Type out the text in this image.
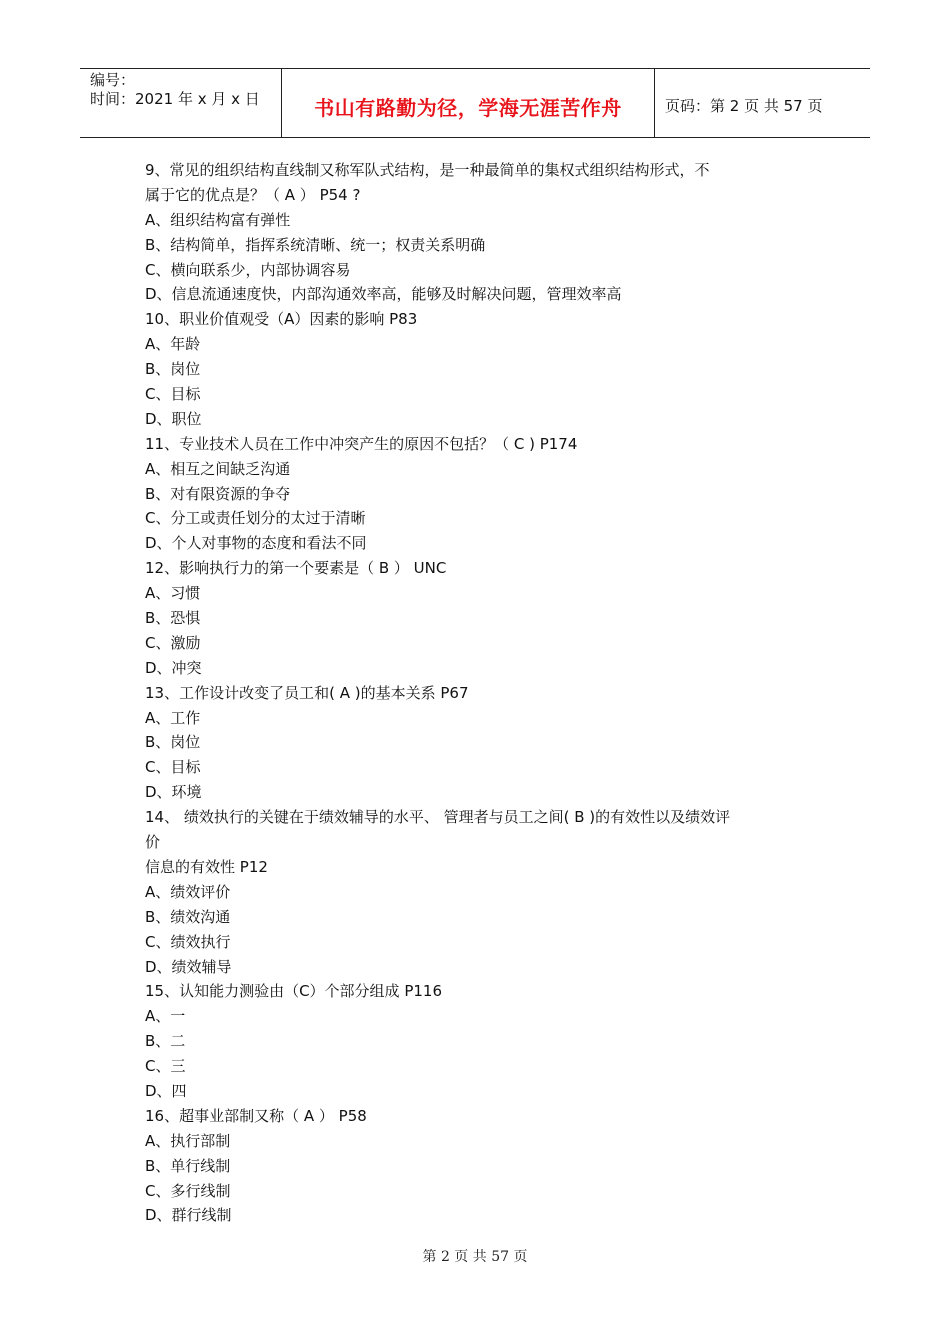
编号：
时间：2021 年 x 月 x 日	书山有路勤为径，学海无涯苦作舟	页码：第 2 页 共 57 页
9、常见的组织结构直线制又称军队式结构，是一种最简单的集权式组织结构形式，不
属于它的优点是？（ A ） P54 ?
A、组织结构富有弹性
B、结构简单，指挥系统清晰、统一；权责关系明确
C、横向联系少，内部协调容易
D、信息流通速度快，内部沟通效率高，能够及时解决问题，管理效率高
10、职业价值观受（A）因素的影响 P83
A、年龄
B、岗位
C、目标
D、职位
11、专业技术人员在工作中冲突产生的原因不包括？（ C ) P174
A、相互之间缺乏沟通
B、对有限资源的争夺
C、分工或责任划分的太过于清晰
D、个人对事物的态度和看法不同
12、影响执行力的第一个要素是（ B ） UNC
A、习惯
B、恐惧
C、激励
D、冲突
13、工作设计改变了员工和( A )的基本关系 P67
A、工作
B、岗位
C、目标
D、环境
14、 绩效执行的关键在于绩效辅导的水平、 管理者与员工之间( B )的有效性以及绩效评
价
信息的有效性 P12
A、绩效评价
B、绩效沟通
C、绩效执行
D、绩效辅导
15、认知能力测验由（C）个部分组成 P116
A、一
B、二
C、三
D、四
16、超事业部制又称（ A ） P58
A、执行部制
B、单行线制
C、多行线制
D、群行线制
第 2 页 共 57 页
